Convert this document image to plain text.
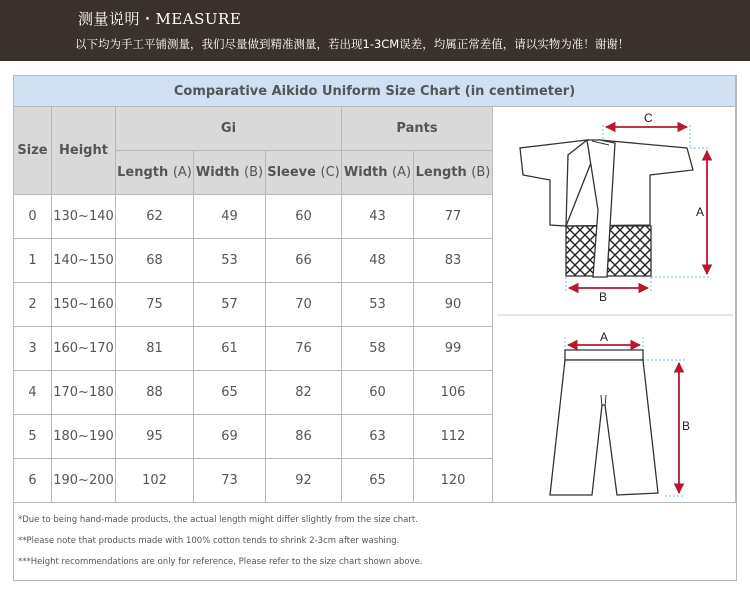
测量说明・MEASURE
以下均为手工平铺测量，我们尽量做到精准测量，若出现1-3CM误差，均属正常差值，请以实物为准！谢谢！
Comparative Aikido Uniform Size Chart (in centimeter)							
Size	Height	Gi			Pants		
		Length (A)	Width (B)	Sleeve (C)	Width (A)	Length (B)	
0	130~140	62	49	60	43	77	
1	140~150	68	53	66	48	83	
2	150~160	75	57	70	53	90	
3	160~170	81	61	76	58	99	
4	170~180	88	65	82	60	106	
5	180~190	95	69	86	63	112	
6	190~200	102	73	92	65	120	
C
A
B
A
B
*Due to being hand-made products, the actual length might differ slightly from the size chart.
**Please note that products made with 100% cotton tends to shrink 2-3cm after washing.
***Height recommendations are only for reference, Please refer to the size chart shown above.
